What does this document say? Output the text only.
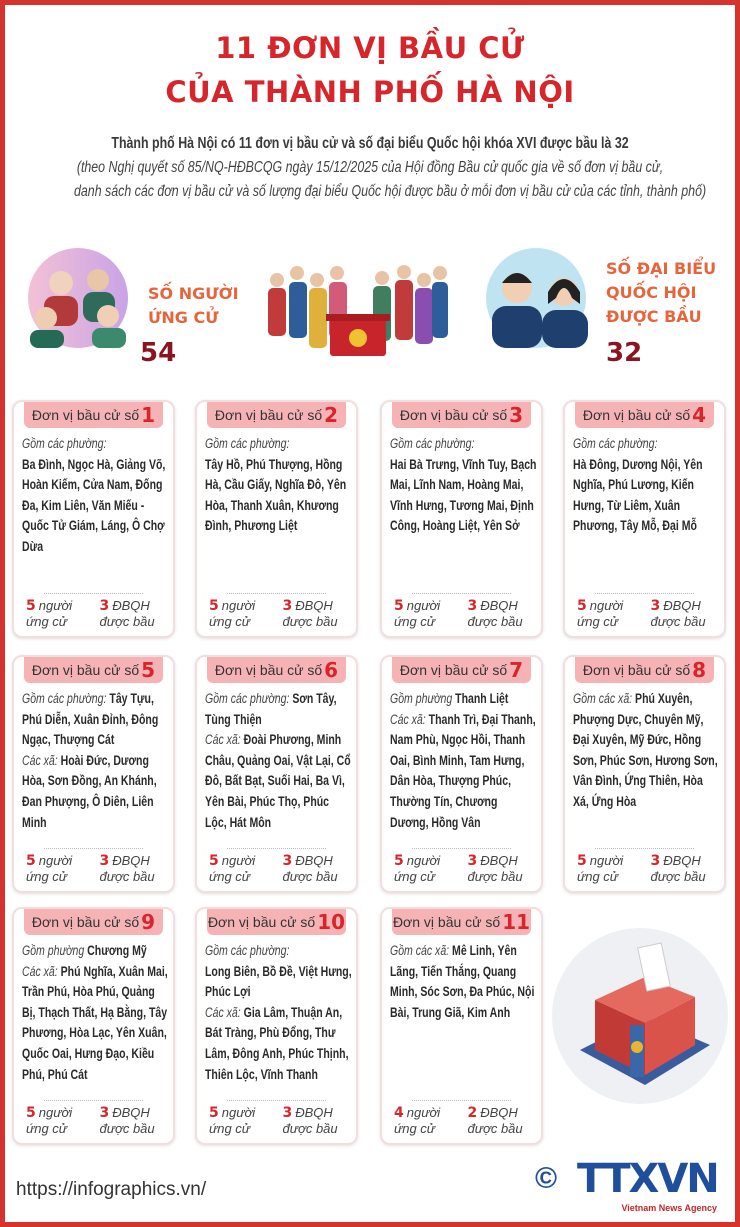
11 ĐƠN VỊ BẦU CỬ
CỦA THÀNH PHỐ HÀ NỘI
Thành phố Hà Nội có 11 đơn vị bầu cử và số đại biểu Quốc hội khóa XVI được bầu là 32
(theo Nghị quyết số 85/NQ-HĐBCQG ngày 15/12/2025 của Hội đồng Bầu cử quốc gia về số đơn vị bầu cử,
danh sách các đơn vị bầu cử và số lượng đại biểu Quốc hội được bầu ở mỗi đơn vị bầu cử của các tỉnh, thành phố)
SỐ NGƯỜI
ỨNG CỬ
54
SỐ ĐẠI BIỂU
QUỐC HỘI
ĐƯỢC BẦU
32
Đơn vị bầu cử số 1
Gồm các phường:
Ba Đình, Ngọc Hà, Giảng Võ, Hoàn Kiếm, Cửa Nam, Đống Đa, Kim Liên, Văn Miếu - Quốc Tử Giám, Láng, Ô Chợ Dừa
5 người
ứng cử
3 ĐBQH
được bầu
Đơn vị bầu cử số 2
Gồm các phường:
Tây Hồ, Phú Thượng, Hồng Hà, Cầu Giấy, Nghĩa Đô, Yên Hòa, Thanh Xuân, Khương Đình, Phương Liệt
5 người
ứng cử
3 ĐBQH
được bầu
Đơn vị bầu cử số 3
Gồm các phường:
Hai Bà Trưng, Vĩnh Tuy, Bạch Mai, Lĩnh Nam, Hoàng Mai, Vĩnh Hưng, Tương Mai, Định Công, Hoàng Liệt, Yên Sở
5 người
ứng cử
3 ĐBQH
được bầu
Đơn vị bầu cử số 4
Gồm các phường:
Hà Đông, Dương Nội, Yên Nghĩa, Phú Lương, Kiến Hưng, Từ Liêm, Xuân Phương, Tây Mỗ, Đại Mỗ
5 người
ứng cử
3 ĐBQH
được bầu
Đơn vị bầu cử số 5
Gồm các phường: Tây Tựu, Phú Diễn, Xuân Đỉnh, Đông Ngạc, Thượng Cát
Các xã: Hoài Đức, Dương Hòa, Sơn Đồng, An Khánh, Đan Phượng, Ô Diên, Liên Minh
5 người
ứng cử
3 ĐBQH
được bầu
Đơn vị bầu cử số 6
Gồm các phường: Sơn Tây, Tùng Thiện
Các xã: Đoài Phương, Minh Châu, Quảng Oai, Vật Lại, Cổ Đô, Bất Bạt, Suối Hai, Ba Vì, Yên Bài, Phúc Thọ, Phúc Lộc, Hát Môn
5 người
ứng cử
3 ĐBQH
được bầu
Đơn vị bầu cử số 7
Gồm phường Thanh Liệt
Các xã: Thanh Trì, Đại Thanh, Nam Phù, Ngọc Hồi, Thanh Oai, Bình Minh, Tam Hưng, Dân Hòa, Thượng Phúc, Thường Tín, Chương Dương, Hồng Vân
5 người
ứng cử
3 ĐBQH
được bầu
Đơn vị bầu cử số 8
Gồm các xã: Phú Xuyên, Phượng Dực, Chuyên Mỹ, Đại Xuyên, Mỹ Đức, Hồng Sơn, Phúc Sơn, Hương Sơn, Vân Đình, Ứng Thiên, Hòa Xá, Ứng Hòa
5 người
ứng cử
3 ĐBQH
được bầu
Đơn vị bầu cử số 9
Gồm phường Chương Mỹ
Các xã: Phú Nghĩa, Xuân Mai, Trần Phú, Hòa Phú, Quảng Bị, Thạch Thất, Hạ Bằng, Tây Phương, Hòa Lạc, Yên Xuân, Quốc Oai, Hưng Đạo, Kiều Phú, Phú Cát
5 người
ứng cử
3 ĐBQH
được bầu
Đơn vị bầu cử số 10
Gồm các phường:
Long Biên, Bồ Đề, Việt Hưng, Phúc Lợi
Các xã: Gia Lâm, Thuận An, Bát Tràng, Phù Đổng, Thư Lâm, Đông Anh, Phúc Thịnh, Thiên Lộc, Vĩnh Thanh
5 người
ứng cử
3 ĐBQH
được bầu
Đơn vị bầu cử số 11
Gồm các xã: Mê Linh, Yên Lãng, Tiến Thắng, Quang Minh, Sóc Sơn, Đa Phúc, Nội Bài, Trung Giã, Kim Anh
4 người
ứng cử
2 ĐBQH
được bầu
https://infographics.vn/	© TTXVN
Vietnam News Agency
